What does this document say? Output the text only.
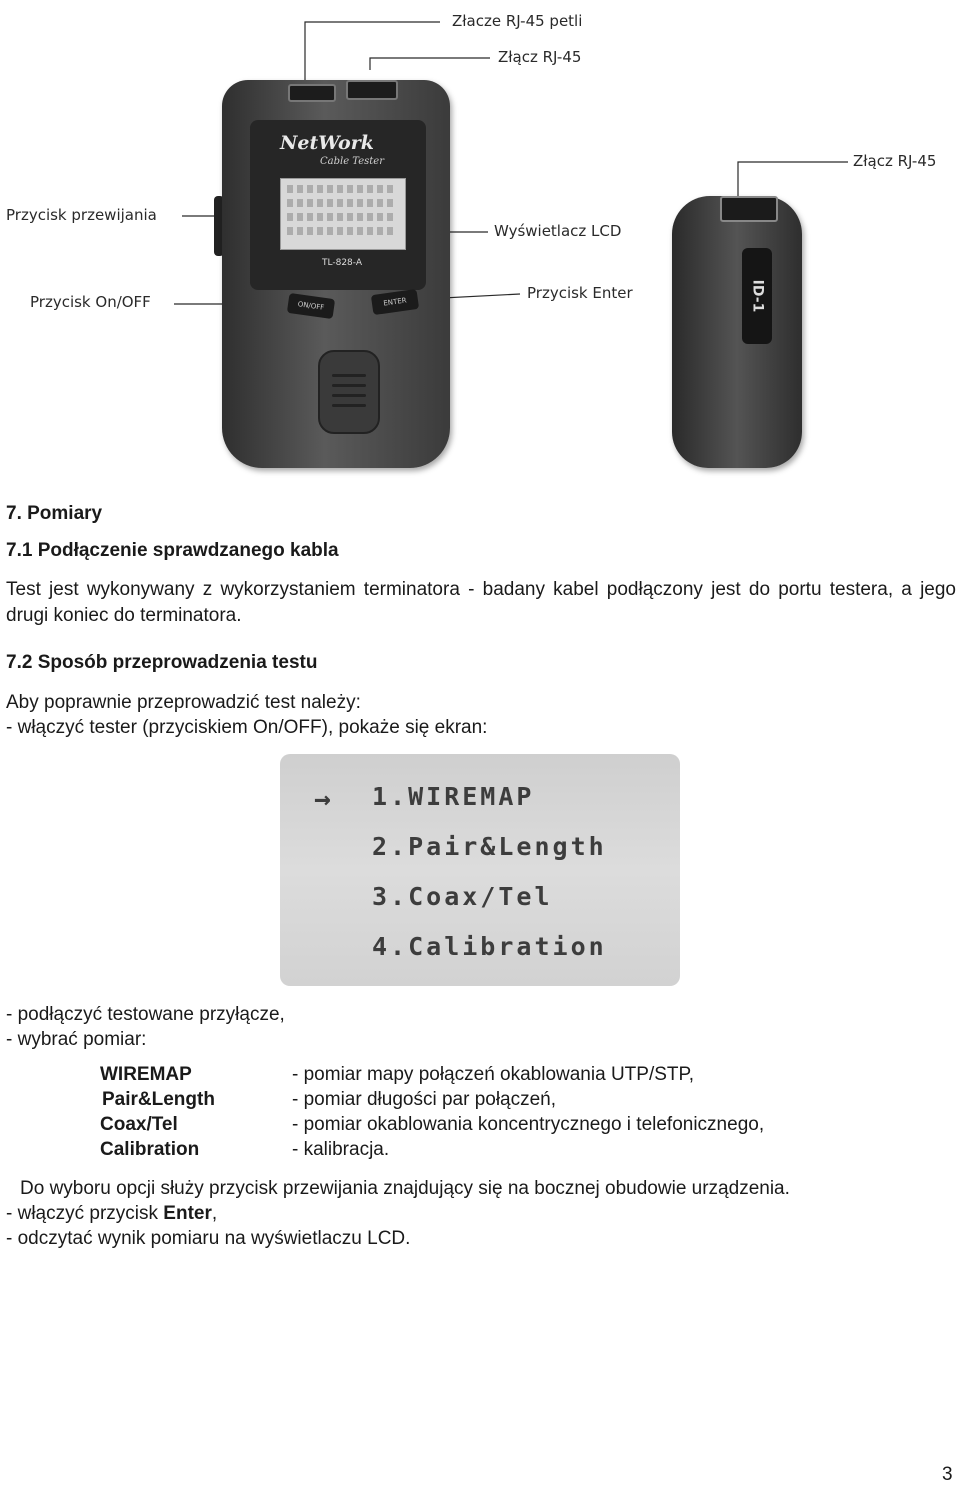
Złacze RJ-45 petli
Złącz RJ-45
Złącz RJ-45
Przycisk przewijania
Wyświetlacz LCD
Przycisk On/OFF	Przycisk Enter
NetWork
Cable Tester
TL-828-A
ON/OFF	ENTER	ID-1
7. Pomiary
7.1 Podłączenie sprawdzanego kabla
Test jest wykonywany z wykorzystaniem terminatora - badany kabel podłączony jest do portu testera, a jego drugi koniec do terminatora.
7.2 Sposób przeprowadzenia testu
Aby poprawnie przeprowadzić test należy:
- włączyć tester (przyciskiem On/OFF), pokaże się ekran:
→ 1.WIREMAP
2.Pair&Length
3.Coax/Tel
4.Calibration
- podłączyć testowane przyłącze,
- wybrać pomiar:
WIREMAP	- pomiar mapy połączeń okablowania UTP/STP,
Pair&Length	- pomiar długości par połączeń,
Coax/Tel	- pomiar okablowania koncentrycznego i telefonicznego,
Calibration	- kalibracja.
Do wyboru opcji służy przycisk przewijania znajdujący się na bocznej obudowie urządzenia.
- włączyć przycisk Enter,
- odczytać wynik pomiaru na wyświetlaczu LCD.
3
